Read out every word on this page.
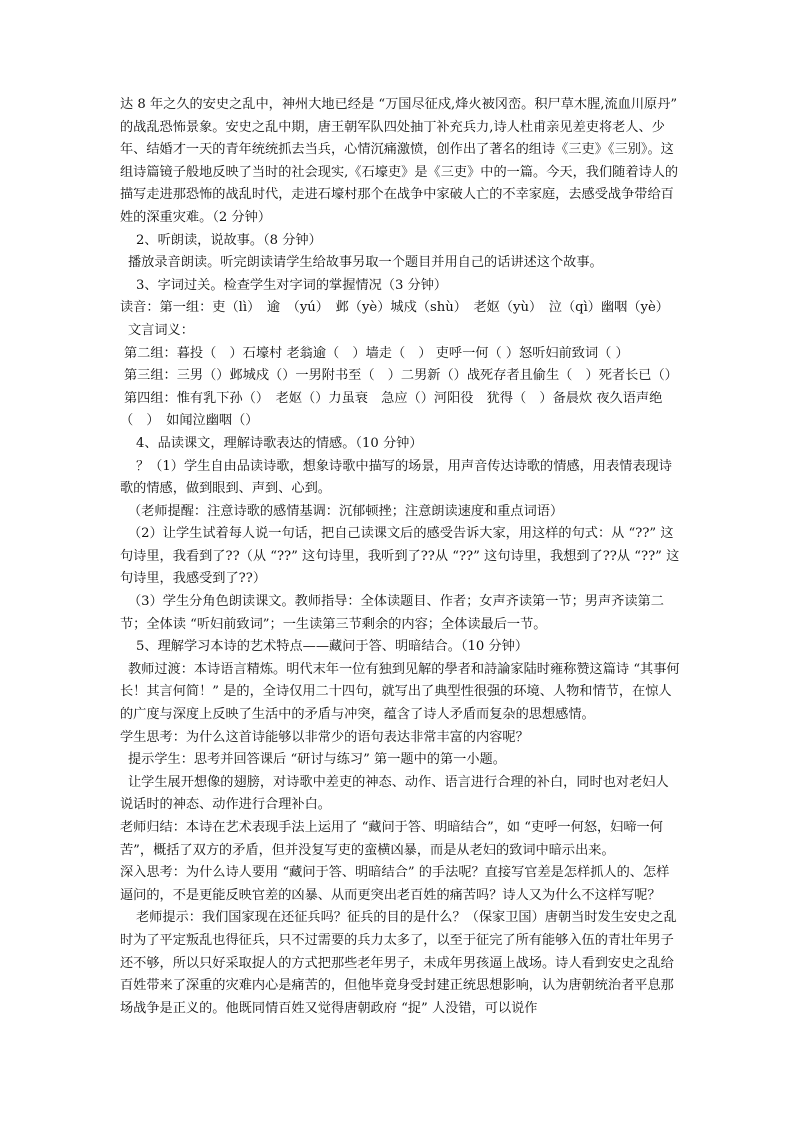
达 8 年之久的安史之乱中，神州大地已经是 “万国尽征戍,烽火被冈峦。积尸草木腥,流血川原丹” 的战乱恐怖景象。安史之乱中期，唐王朝军队四处抽丁补充兵力,诗人杜甫亲见差吏将老人、少年、结婚才一天的青年统统抓去当兵，心情沉痛激愤，创作出了著名的组诗《三吏》《三别》。这组诗篇镜子般地反映了当时的社会现实,《石壕吏》是《三吏》中的一篇。今天，我们随着诗人的描写走进那恐怖的战乱时代，走进石壕村那个在战争中家破人亡的不幸家庭，去感受战争带给百姓的深重灾难。（2 分钟）

2、听朗读，说故事。（8 分钟）

播放录音朗读。听完朗读请学生给故事另取一个题目并用自己的话讲述这个故事。

3、字词过关。检查学生对字词的掌握情况（3 分钟）

读音：第一组：吏（lì）　逾　（yú）　邺（yè）城戍（shù）　老妪（yù）　泣（qì）幽咽（yè）

文言词义：

第二组：暮投（　）石壕村 老翁逾（　）墙走（　） 吏呼一何（ ）怒听妇前致词（ ）

第三组：三男（）邺城戍（）一男附书至（　）二男新（）战死存者且偷生（　）死者长已（）

第四组：惟有乳下孙（）　老妪（）力虽衰　急应（）河阳役　犹得（　）备晨炊 夜久语声绝（　）　如闻泣幽咽（）

4、品读课文，理解诗歌表达的情感。（10 分钟）

？（1）学生自由品读诗歌，想象诗歌中描写的场景，用声音传达诗歌的情感，用表情表现诗歌的情感，做到眼到、声到、心到。

（老师提醒：注意诗歌的感情基调：沉郁顿挫；注意朗读速度和重点词语）

（2）让学生试着每人说一句话，把自己读课文后的感受告诉大家，用这样的句式：从 “??” 这句诗里，我看到了??（从 “??” 这句诗里，我听到了??从 “??” 这句诗里，我想到了??从 “??” 这句诗里，我感受到了??）

（3）学生分角色朗读课文。教师指导：全体读题目、作者；女声齐读第一节；男声齐读第二节；全体读 “听妇前致词”；一生读第三节剩余的内容；全体读最后一节。

5、理解学习本诗的艺术特点——藏问于答、明暗结合。（10 分钟）

教师过渡：本诗语言精炼。明代末年一位有独到见解的學者和詩論家陆时雍称赞这篇诗 “其事何长！其言何简！” 是的，全诗仅用二十四句，就写出了典型性很强的环境、人物和情节，在惊人的广度与深度上反映了生活中的矛盾与冲突，蕴含了诗人矛盾而复杂的思想感情。

学生思考：为什么这首诗能够以非常少的语句表达非常丰富的内容呢？

提示学生：思考并回答课后 “研讨与练习” 第一题中的第一小题。

让学生展开想像的翅膀，对诗歌中差吏的神态、动作、语言进行合理的补白，同时也对老妇人说话时的神态、动作进行合理补白。

老师归结：本诗在艺术表现手法上运用了 “藏问于答、明暗结合”，如 “吏呼一何怒，妇啼一何苦”，概括了双方的矛盾，但并没复写吏的蛮横凶暴，而是从老妇的致词中暗示出来。

深入思考：为什么诗人要用 “藏问于答、明暗结合” 的手法呢？直接写官差是怎样抓人的、怎样逼问的，不是更能反映官差的凶暴、从而更突出老百姓的痛苦吗？诗人又为什么不这样写呢？

老师提示：我们国家现在还征兵吗？征兵的目的是什么？（保家卫国）唐朝当时发生安史之乱时为了平定叛乱也得征兵，只不过需要的兵力太多了，以至于征完了所有能够入伍的青壮年男子还不够，所以只好采取捉人的方式把那些老年男子，未成年男孩逼上战场。诗人看到安史之乱给百姓带来了深重的灾难内心是痛苦的，但他毕竟身受封建正统思想影响，认为唐朝统治者平息那场战争是正义的。他既同情百姓又觉得唐朝政府 “捉” 人没错，可以说作
